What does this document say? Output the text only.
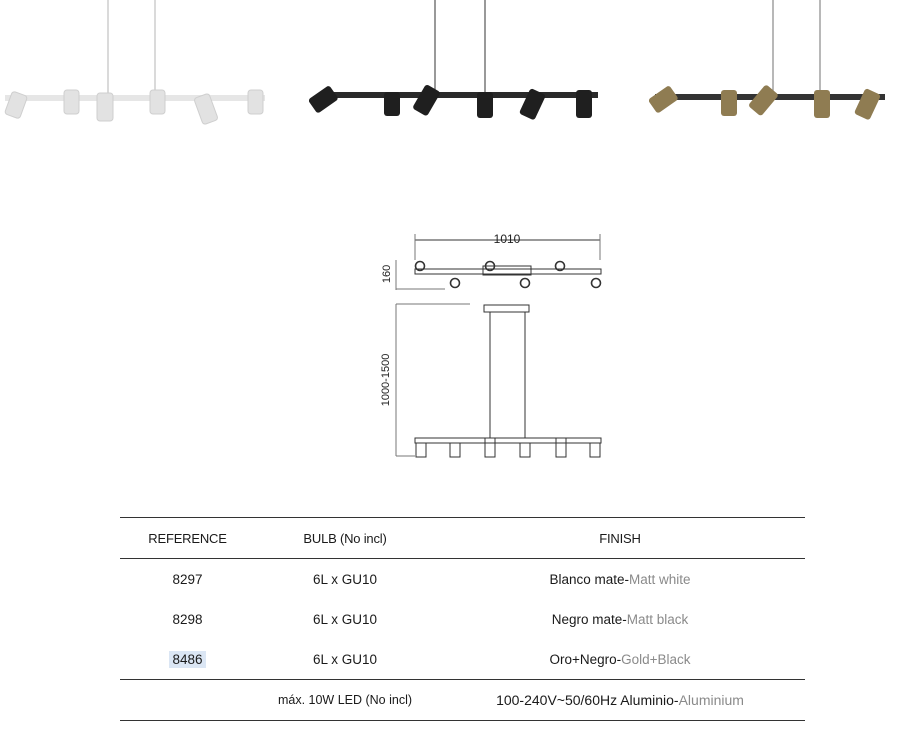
1010
160
1000-1500
REFERENCE	BULB (No incl)	FINISH
8297	6L x GU10	Blanco mate-Matt white
8298	6L x GU10	Negro mate-Matt black
8486	6L x GU10	Oro+Negro-Gold+Black
	máx. 10W LED (No incl)	100-240V~50/60Hz Aluminio-Aluminium
